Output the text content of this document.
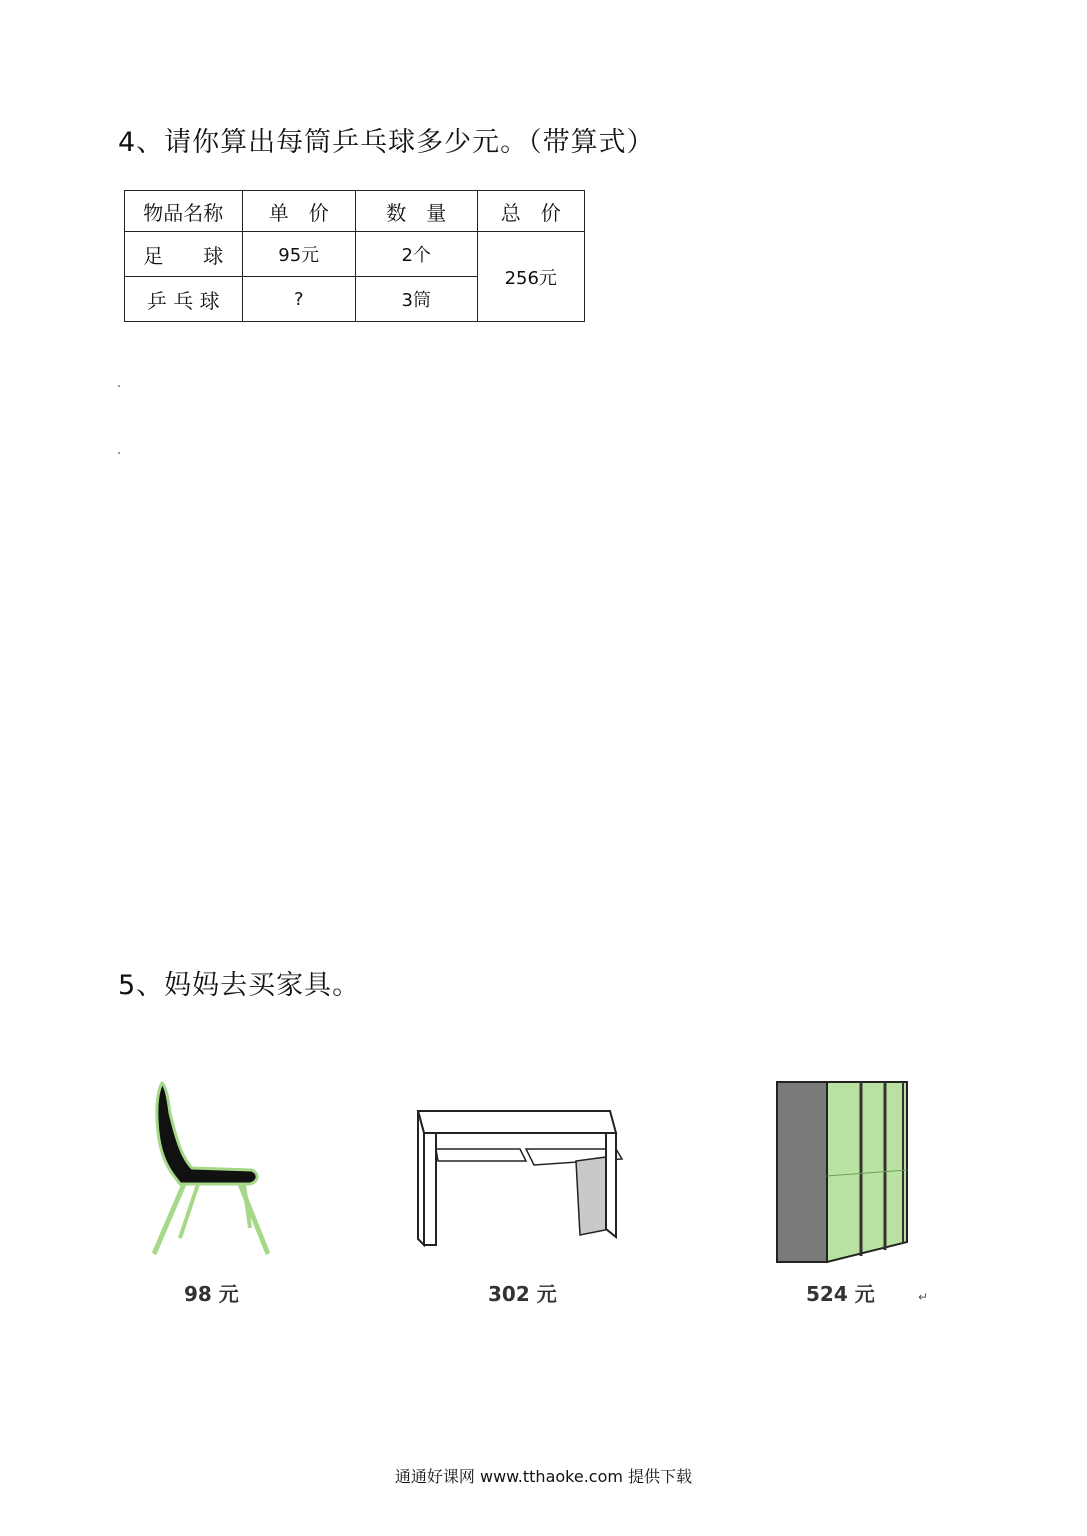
4、请你算出每筒乒乓球多少元。（带算式）
物品名称	单　价	数　量	总　价
足　　球	95元	2个	256元
乒 乓 球	?	3筒	
5、妈妈去买家具。
98 元	302 元	524 元	↵
通通好课网 www.tthaoke.com 提供下载
